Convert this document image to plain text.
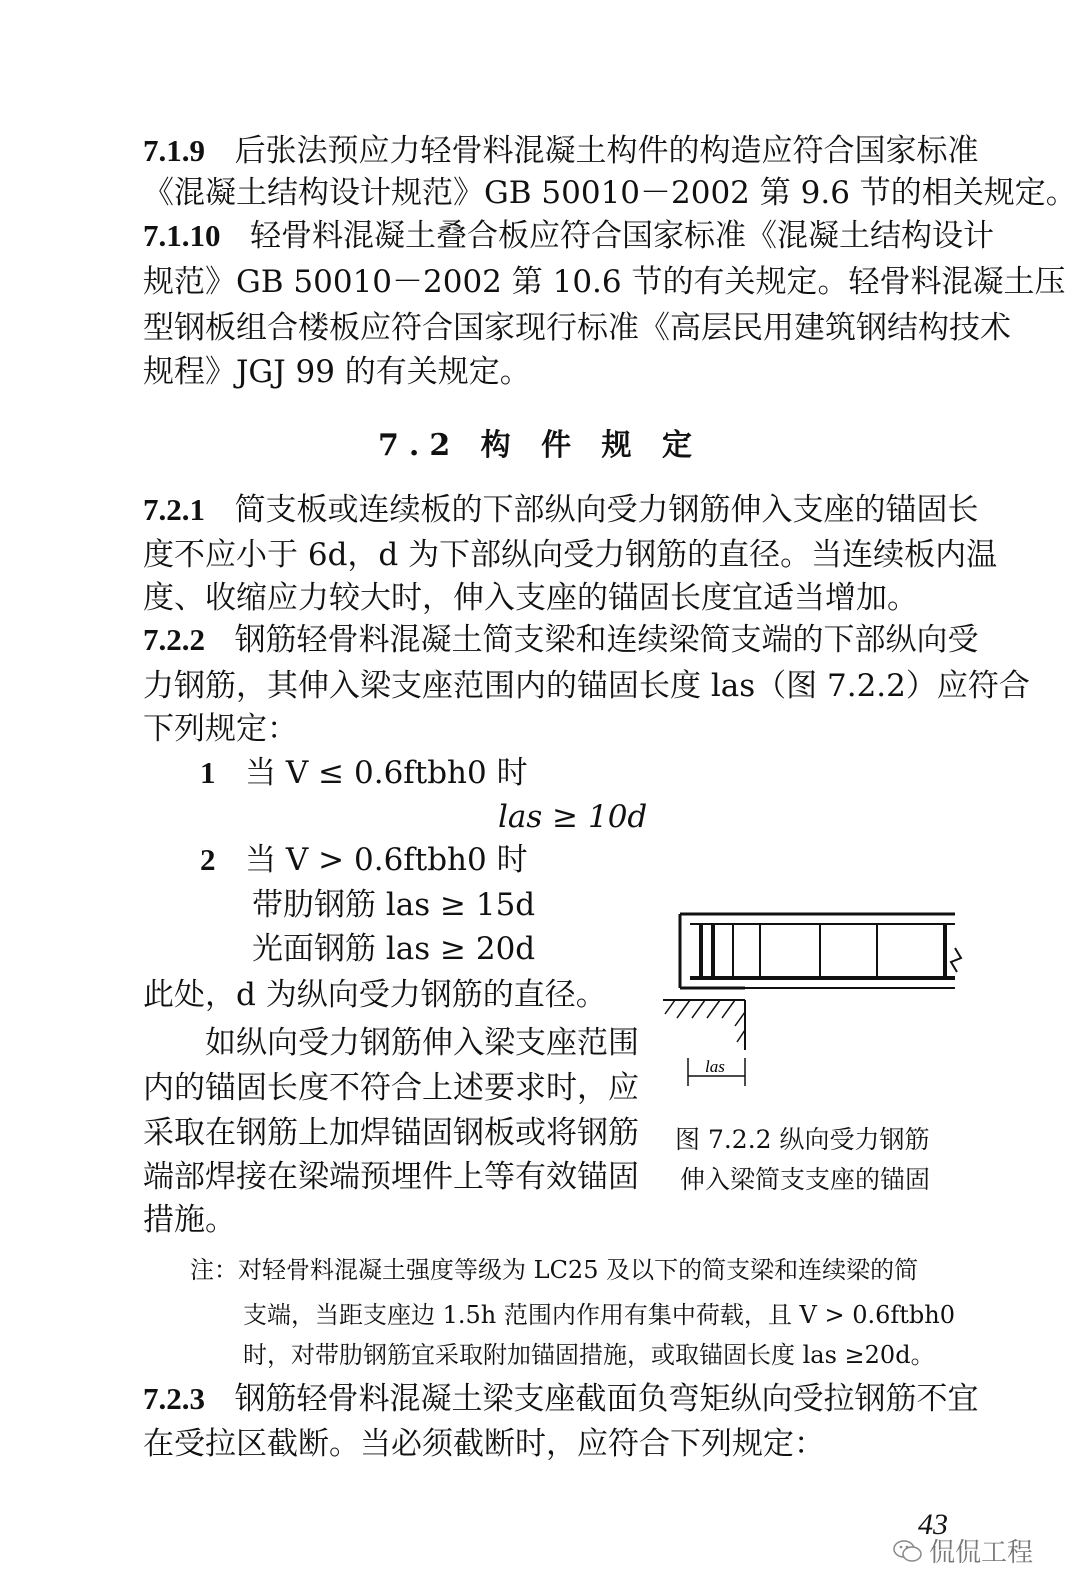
7.1.9 后张法预应力轻骨料混凝土构件的构造应符合国家标准
《混凝土结构设计规范》GB 50010－2002 第 9.6 节的相关规定。
7.1.10 轻骨料混凝土叠合板应符合国家标准《混凝土结构设计
规范》GB 50010－2002 第 10.6 节的有关规定。轻骨料混凝土压
型钢板组合楼板应符合国家现行标准《高层民用建筑钢结构技术
规程》JGJ 99 的有关规定。
7.2 构 件 规 定
7.2.1 简支板或连续板的下部纵向受力钢筋伸入支座的锚固长
度不应小于 6d，d 为下部纵向受力钢筋的直径。当连续板内温
度、收缩应力较大时，伸入支座的锚固长度宜适当增加。
7.2.2 钢筋轻骨料混凝土简支梁和连续梁简支端的下部纵向受
力钢筋，其伸入梁支座范围内的锚固长度 las（图 7.2.2）应符合
下列规定：
1 当 V ≤ 0.6ftbh0 时
las ≥ 10d
2 当 V > 0.6ftbh0 时
带肋钢筋 las ≥ 15d
光面钢筋 las ≥ 20d
此处，d 为纵向受力钢筋的直径。
如纵向受力钢筋伸入梁支座范围
内的锚固长度不符合上述要求时，应
采取在钢筋上加焊锚固钢板或将钢筋
端部焊接在梁端预埋件上等有效锚固
措施。
las
图 7.2.2 纵向受力钢筋
伸入梁简支支座的锚固
注：对轻骨料混凝土强度等级为 LC25 及以下的简支梁和连续梁的简
支端，当距支座边 1.5h 范围内作用有集中荷载，且 V > 0.6ftbh0
时，对带肋钢筋宜采取附加锚固措施，或取锚固长度 las ≥20d。
7.2.3 钢筋轻骨料混凝土梁支座截面负弯矩纵向受拉钢筋不宜
在受拉区截断。当必须截断时，应符合下列规定：
43
侃侃工程
